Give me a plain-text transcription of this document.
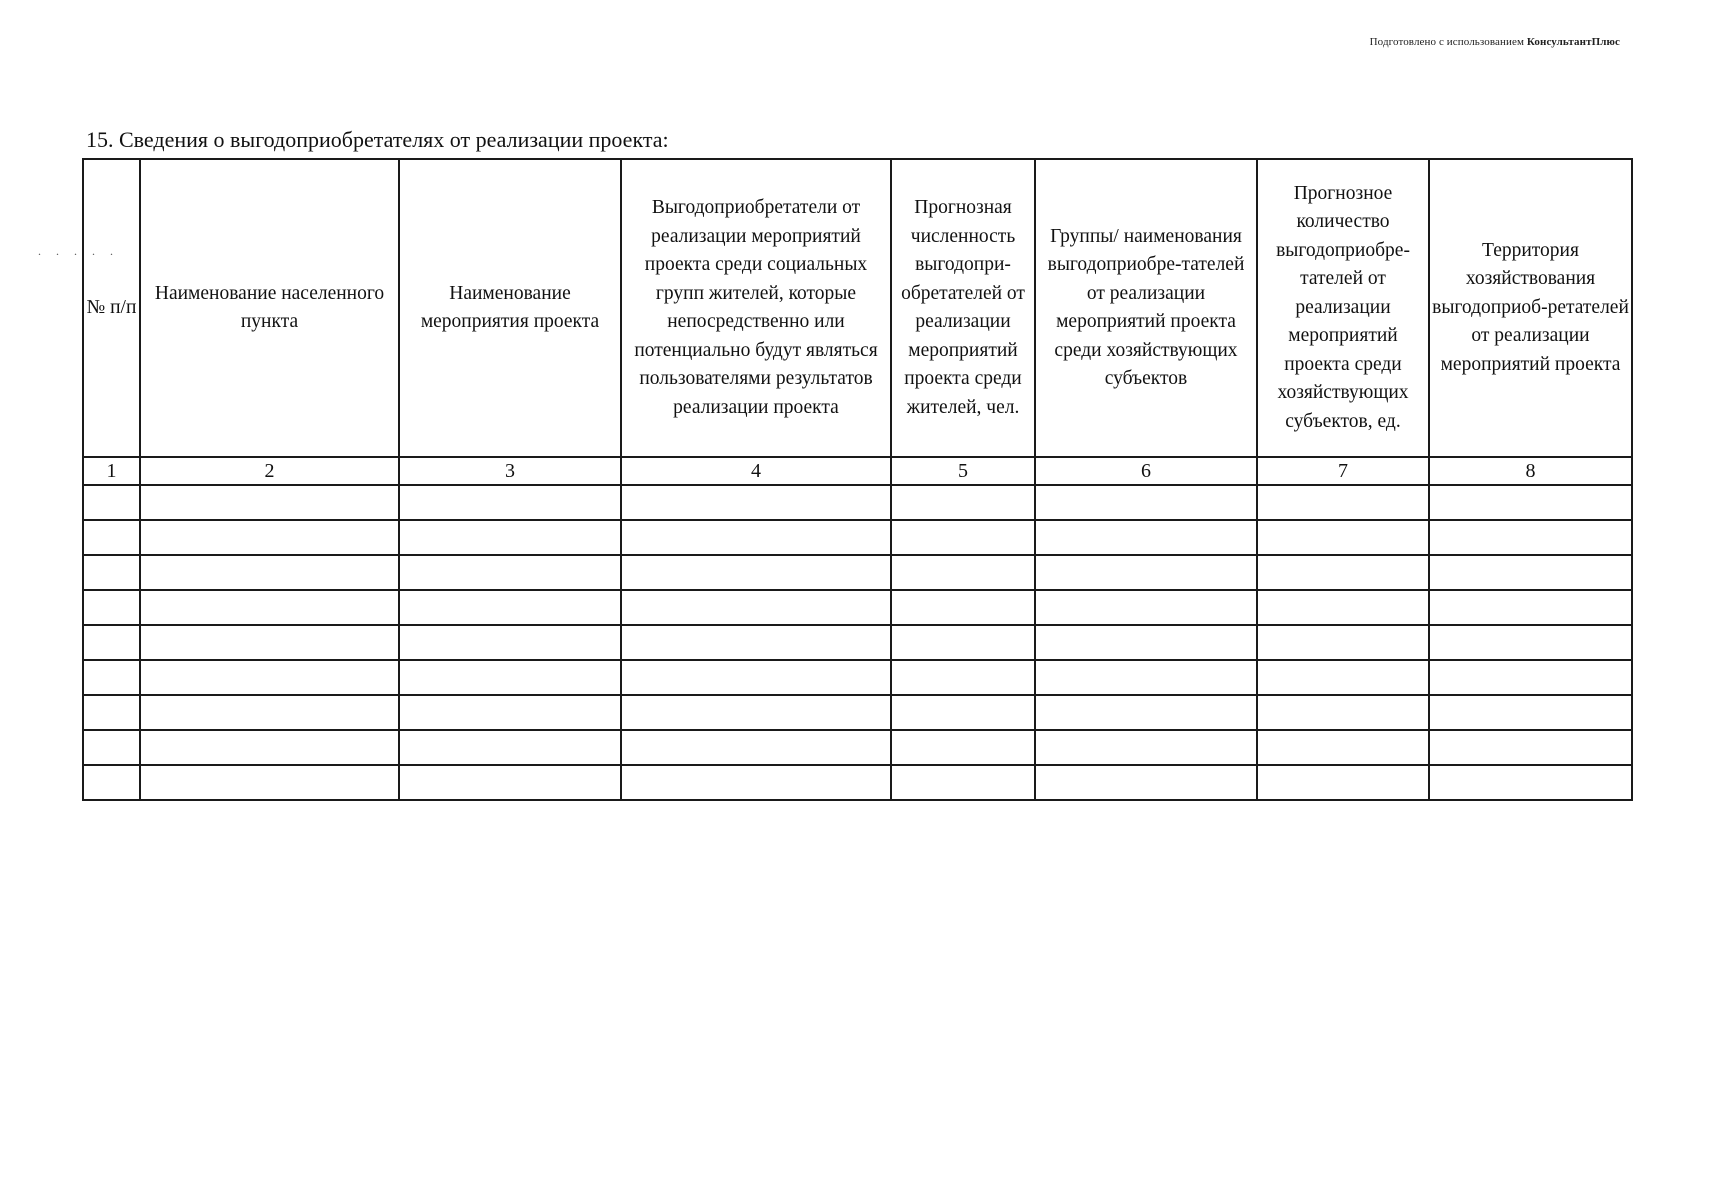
Подготовлено с использованием КонсультантПлюс
. . . . .
15. Сведения о выгодоприобретателях от реализации проекта:
№ п/п	Наименование населенного пункта	Наименование мероприятия проекта	Выгодоприобретатели от реализации мероприятий проекта среди социальных групп жителей, которые непосредственно или потенциально будут являться пользователями результатов реализации проекта	Прогнозная численность выгодопри-обретателей от реализации мероприятий проекта среди жителей, чел.	Группы/ наименования выгодоприобре-тателей от реализации мероприятий проекта среди хозяйствующих субъектов	Прогнозное количество выгодоприобре-тателей от реализации мероприятий проекта среди хозяйствующих субъектов, ед.	Территория хозяйствования выгодоприоб-ретателей от реализации мероприятий проекта
1	2	3	4	5	6	7	8
